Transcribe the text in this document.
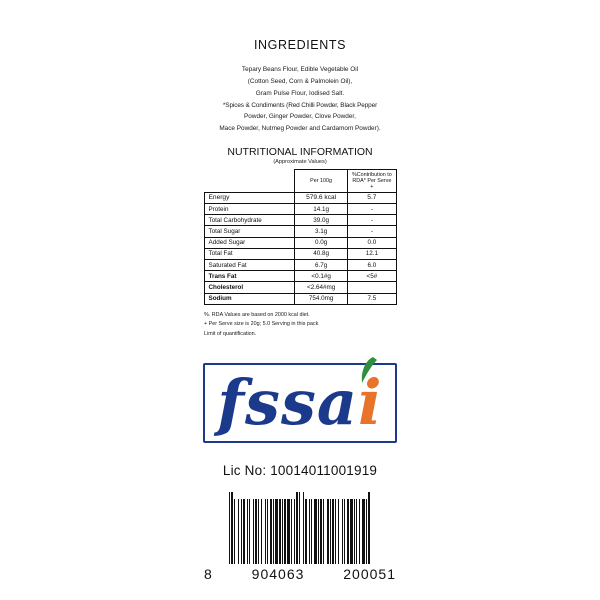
INGREDIENTS
Tepary Beans Flour, Edible Vegetable Oil
(Cotton Seed, Corn & Palmolein Oil),
Gram Pulse Flour, Iodised Salt.
*Spices & Condiments (Red Chilli Powder, Black Pepper
Powder, Ginger Powder, Clove Powder,
Mace Powder, Nutmeg Powder and Cardamom Powder).
NUTRITIONAL INFORMATION
(Approximate Values)
	Per 100g	%Contribution to RDA* Per Serve +
Energy	579.6 kcal	5.7
Protein	14.1g	-
Total Carbohydrate	39.0g	-
Total Sugar	3.1g	-
Added Sugar	0.0g	0.0
Total Fat	40.8g	12.1
Saturated Fat	6.7g	6.0
Trans Fat	<0.1#g	<5#
Cholesterol	<2.64#mg	
Sodium	754.0mg	7.5
%. RDA Values are based on 2000 kcal diet.
+ Per Serve size is 20g; 5.0 Serving in this pack
Limit of quantification.
fssa i
Lic No: 10014011001919
8	904063	200051
